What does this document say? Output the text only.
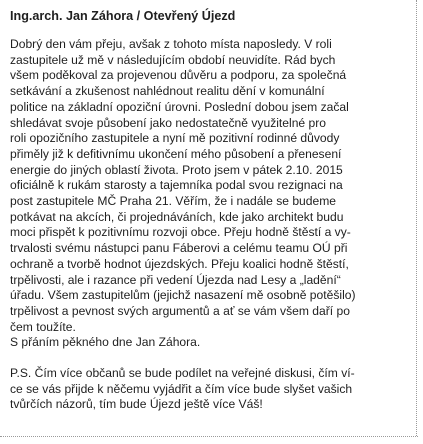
Ing.arch. Jan Záhora / Otevřený Újezd

Dobrý den vám přeju, avšak z tohoto místa naposledy. V roli
zastupitele už mě v následujícím období neuvidíte. Rád bych
všem poděkoval za projevenou důvěru a podporu, za společná
setkávání a zkušenost nahlédnout realitu dění v komunální
politice na základní opoziční úrovni. Poslední dobou jsem začal
shledávat svoje působení jako nedostatečně využitelné pro
roli opozičního zastupitele a nyní mě pozitivní rodinné důvody
přiměly již k defitivnímu ukončení mého působení a přenesení
energie do jiných oblastí života. Proto jsem v pátek 2.10. 2015
oficiálně k rukám starosty a tajemníka podal svou rezignaci na
post zastupitele MČ Praha 21. Věřím, že i nadále se budeme
potkávat na akcích, či projednáváních, kde jako architekt budu
moci přispět k pozitivnímu rozvoji obce. Přeju hodně štěstí a vy-
trvalosti svému nástupci panu Fáberovi a celému teamu OÚ při
ochraně a tvorbě hodnot újezdských. Přeju koalici hodně štěstí,
trpělivosti, ale i razance při vedení Újezda nad Lesy a „ladění“
úřadu. Všem zastupitelům (jejichž nasazení mě osobně potěšilo)
trpělivost a pevnost svých argumentů a ať se vám všem daří po
čem toužíte.
S přáním pěkného dne Jan Záhora.

P.S. Čím více občanů se bude podílet na veřejné diskusi, čím ví-
ce se vás přijde k něčemu vyjádřit a čím více bude slyšet vašich
tvůrčích názorů, tím bude Újezd ještě více Váš!
